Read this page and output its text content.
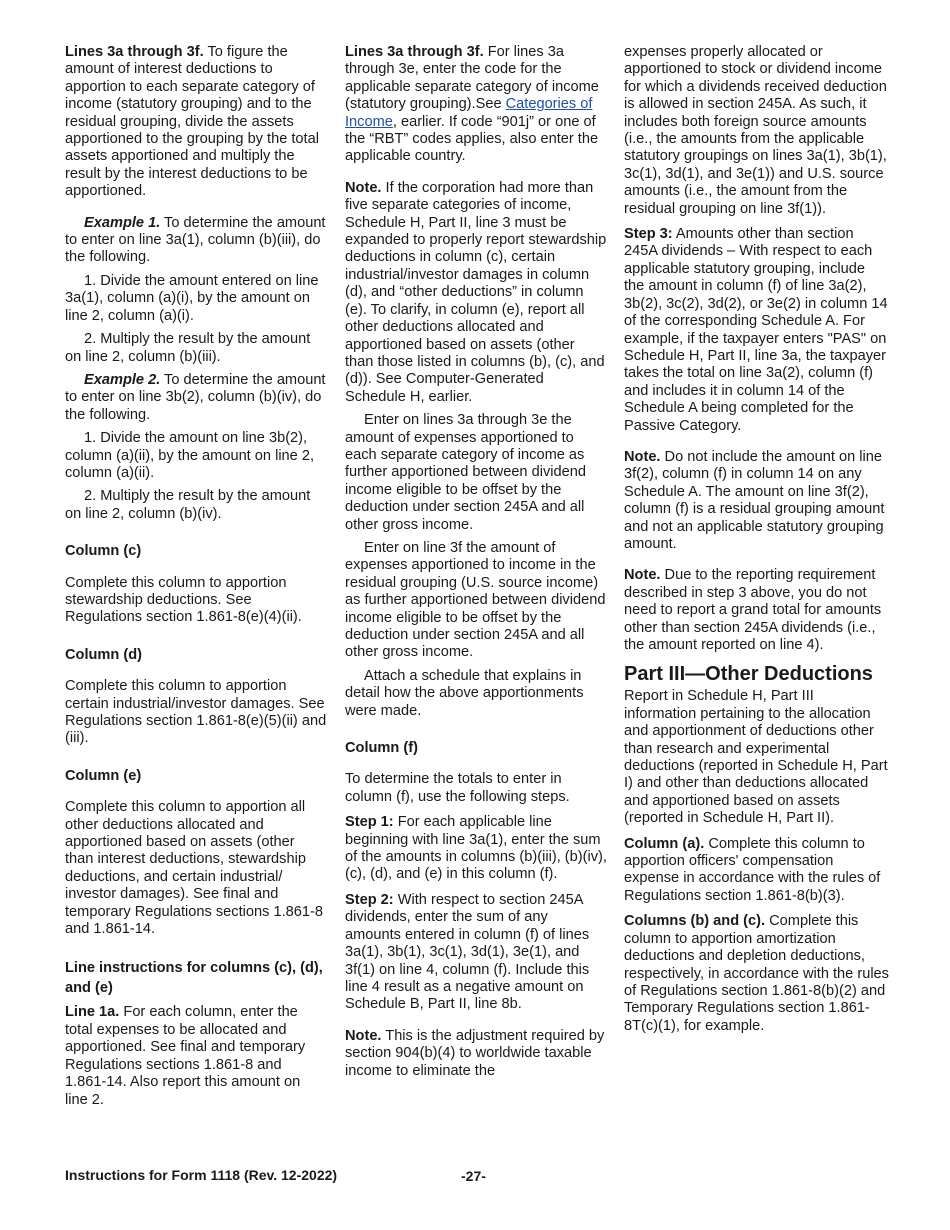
Lines 3a through 3f. To figure the amount of interest deductions to apportion to each separate category of income (statutory grouping) and to the residual grouping, divide the assets apportioned to the grouping by the total assets apportioned and multiply the result by the interest deductions to be apportioned.

Example 1. To determine the amount to enter on line 3a(1), column (b)(iii), do the following.

1. Divide the amount entered on line 3a(1), column (a)(i), by the amount on line 2, column (a)(i).

2. Multiply the result by the amount on line 2, column (b)(iii).

Example 2. To determine the amount to enter on line 3b(2), column (b)(iv), do the following.

1. Divide the amount on line 3b(2), column (a)(ii), by the amount on line 2, column (a)(ii).

2. Multiply the result by the amount on line 2, column (b)(iv).

Column (c)

Complete this column to apportion stewardship deductions. See Regulations section 1.861-8(e)(4)(ii).

Column (d)

Complete this column to apportion certain industrial/investor damages. See Regulations section 1.861-8(e)(5)(ii) and (iii).

Column (e)

Complete this column to apportion all other deductions allocated and apportioned based on assets (other than interest deductions, stewardship deductions, and certain industrial/ investor damages). See final and temporary Regulations sections 1.861-8 and 1.861-14.

Line instructions for columns (c), (d), and (e)

Line 1a. For each column, enter the total expenses to be allocated and apportioned. See final and temporary Regulations sections 1.861-8 and 1.861-14. Also report this amount on line 2.

Lines 3a through 3f. For lines 3a through 3e, enter the code for the applicable separate category of income (statutory grouping).See Categories of Income, earlier. If code “901j” or one of the “RBT” codes applies, also enter the applicable country.

Note. If the corporation had more than five separate categories of income, Schedule H, Part II, line 3 must be expanded to properly report stewardship deductions in column (c), certain industrial/investor damages in column (d), and “other deductions” in column (e). To clarify, in column (e), report all other deductions allocated and apportioned based on assets (other than those listed in columns (b), (c), and (d)). See Computer-Generated Schedule H, earlier.

Enter on lines 3a through 3e the amount of expenses apportioned to each separate category of income as further apportioned between dividend income eligible to be offset by the deduction under section 245A and all other gross income.

Enter on line 3f the amount of expenses apportioned to income in the residual grouping (U.S. source income) as further apportioned between dividend income eligible to be offset by the deduction under section 245A and all other gross income.

Attach a schedule that explains in detail how the above apportionments were made.

Column (f)

To determine the totals to enter in column (f), use the following steps.

Step 1: For each applicable line beginning with line 3a(1), enter the sum of the amounts in columns (b)(iii), (b)(iv), (c), (d), and (e) in this column (f).

Step 2: With respect to section 245A dividends, enter the sum of any amounts entered in column (f) of lines 3a(1), 3b(1), 3c(1), 3d(1), 3e(1), and 3f(1) on line 4, column (f). Include this line 4 result as a negative amount on Schedule B, Part II, line 8b.

Note. This is the adjustment required by section 904(b)(4) to worldwide taxable income to eliminate the

expenses properly allocated or apportioned to stock or dividend income for which a dividends received deduction is allowed in section 245A. As such, it includes both foreign source amounts (i.e., the amounts from the applicable statutory groupings on lines 3a(1), 3b(1), 3c(1), 3d(1), and 3e(1)) and U.S. source amounts (i.e., the amount from the residual grouping on line 3f(1)).

Step 3: Amounts other than section 245A dividends – With respect to each applicable statutory grouping, include the amount in column (f) of line 3a(2), 3b(2), 3c(2), 3d(2), or 3e(2) in column 14 of the corresponding Schedule A. For example, if the taxpayer enters "PAS" on Schedule H, Part II, line 3a, the taxpayer takes the total on line 3a(2), column (f) and includes it in column 14 of the Schedule A being completed for the Passive Category.

Note. Do not include the amount on line 3f(2), column (f) in column 14 on any Schedule A. The amount on line 3f(2), column (f) is a residual grouping amount and not an applicable statutory grouping amount.

Note. Due to the reporting requirement described in step 3 above, you do not need to report a grand total for amounts other than section 245A dividends (i.e., the amount reported on line 4).

Part III—Other Deductions

Report in Schedule H, Part III information pertaining to the allocation and apportionment of deductions other than research and experimental deductions (reported in Schedule H, Part I) and other than deductions allocated and apportioned based on assets (reported in Schedule H, Part II).

Column (a). Complete this column to apportion officers' compensation expense in accordance with the rules of Regulations section 1.861-8(b)(3).

Columns (b) and (c). Complete this column to apportion amortization deductions and depletion deductions, respectively, in accordance with the rules of Regulations section 1.861-8(b)(2) and Temporary Regulations section 1.861-8T(c)(1), for example.

Instructions for Form 1118 (Rev. 12-2022)	-27-
